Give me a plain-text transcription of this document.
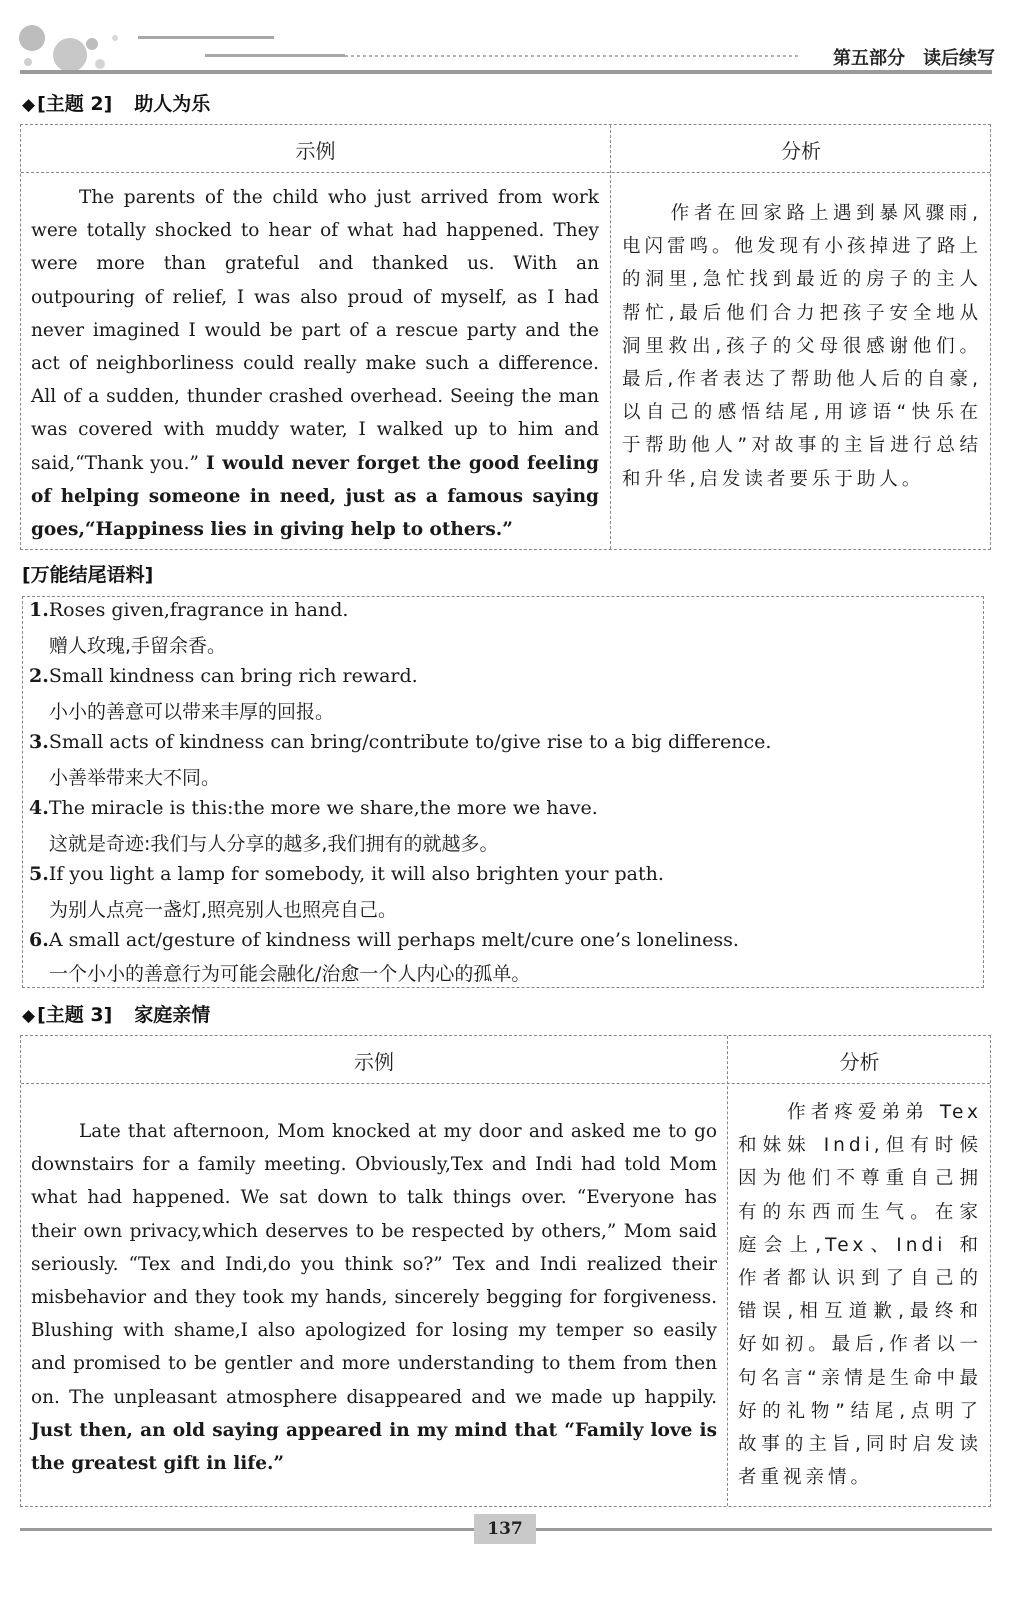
第五部分　读后续写
◆ [主题 2] 助人为乐
示例	分析
The parents of the child who just arrived from work were totally shocked to hear of what had happened. They were more than grateful and thanked us. With an outpouring of relief, I was also proud of myself, as I had never imagined I would be part of a rescue party and the act of neighborliness could really make such a difference. All of a sudden, thunder crashed overhead. Seeing the man was covered with muddy water, I walked up to him and said,“Thank you.” I would never forget the good feeling of helping someone in need, just as a famous saying goes,“Happiness lies in giving help to others.”
作者在回家路上遇到暴风骤雨,电闪雷鸣。他发现有小孩掉进了路上的洞里,急忙找到最近的房子的主人帮忙,最后他们合力把孩子安全地从洞里救出,孩子的父母很感谢他们。最后,作者表达了帮助他人后的自豪,以自己的感悟结尾,用谚语“快乐在于帮助他人”对故事的主旨进行总结和升华,启发读者要乐于助人。
[万能结尾语料]
1.Roses given,fragrance in hand.
赠人玫瑰,手留余香。
2.Small kindness can bring rich reward.
小小的善意可以带来丰厚的回报。
3.Small acts of kindness can bring/contribute to/give rise to a big difference.
小善举带来大不同。
4.The miracle is this:the more we share,the more we have.
这就是奇迹:我们与人分享的越多,我们拥有的就越多。
5.If you light a lamp for somebody, it will also brighten your path.
为别人点亮一盏灯,照亮别人也照亮自己。
6.A small act/gesture of kindness will perhaps melt/cure one’s loneliness.
一个小小的善意行为可能会融化/治愈一个人内心的孤单。
◆ [主题 3] 家庭亲情
示例	分析
Late that afternoon, Mom knocked at my door and asked me to go downstairs for a family meeting. Obviously,Tex and Indi had told Mom what had happened. We sat down to talk things over. “Everyone has their own privacy,which deserves to be respected by others,” Mom said seriously. “Tex and Indi,do you think so?” Tex and Indi realized their misbehavior and they took my hands, sincerely begging for forgiveness. Blushing with shame,I also apologized for losing my temper so easily and promised to be gentler and more understanding to them from then on. The unpleasant atmosphere disappeared and we made up happily. Just then, an old saying appeared in my mind that “Family love is the greatest gift in life.”
作者疼爱弟弟 Tex 和妹妹 Indi,但有时候因为他们不尊重自己拥有的东西而生气。在家庭会上,Tex、Indi 和作者都认识到了自己的错误,相互道歉,最终和好如初。最后,作者以一句名言“亲情是生命中最好的礼物”结尾,点明了故事的主旨,同时启发读者重视亲情。
137
